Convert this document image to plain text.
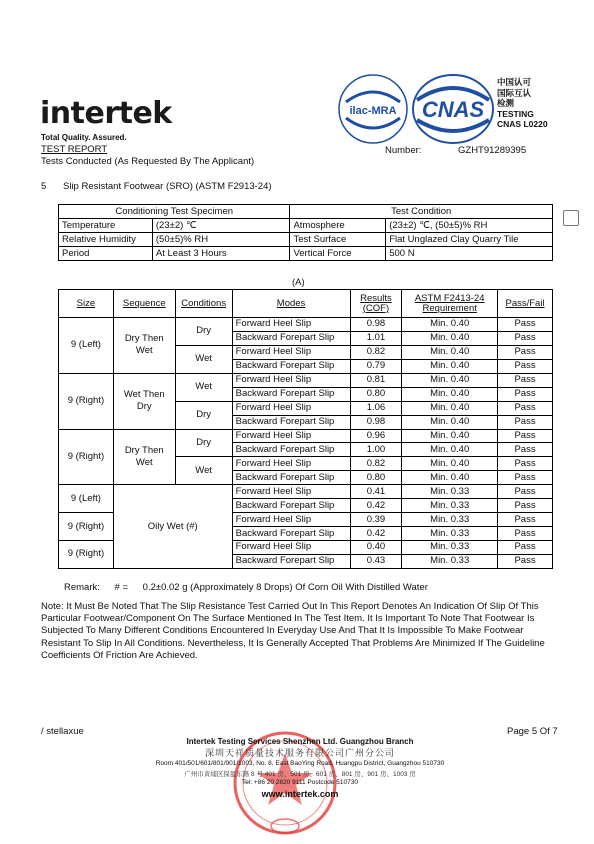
intertek
Total Quality. Assured.
TEST REPORT
Tests Conducted (As Requested By The Applicant)
Number:	GZHT91289395
ilac-MRA CNAS
中国认可
国际互认
检测
TESTING
CNAS L0220
5 Slip Resistant Footwear (SRO) (ASTM F2913-24)
Conditioning Test Specimen		Test Condition	
Temperature	(23±2) ℃	Atmosphere	(23±2) ℃, (50±5)% RH
Relative Humidity	(50±5)% RH	Test Surface	Flat Unglazed Clay Quarry Tile
Period	At Least 3 Hours	Vertical Force	500 N
(A)
Size	Sequence	Conditions	Modes	Results (COF)	ASTM F2413-24 Requirement	Pass/Fail
9 (Left)	Dry Then Wet	Dry	Forward Heel Slip	0.98	Min. 0.40	Pass
			Backward Forepart Slip	1.01	Min. 0.40	Pass
		Wet	Forward Heel Slip	0.82	Min. 0.40	Pass
			Backward Forepart Slip	0.79	Min. 0.40	Pass
9 (Right)	Wet Then Dry	Wet	Forward Heel Slip	0.81	Min. 0.40	Pass
			Backward Forepart Slip	0.80	Min. 0.40	Pass
		Dry	Forward Heel Slip	1.06	Min. 0.40	Pass
			Backward Forepart Slip	0.98	Min. 0.40	Pass
9 (Right)	Dry Then Wet	Dry	Forward Heel Slip	0.96	Min. 0.40	Pass
			Backward Forepart Slip	1.00	Min. 0.40	Pass
		Wet	Forward Heel Slip	0.82	Min. 0.40	Pass
			Backward Forepart Slip	0.80	Min. 0.40	Pass
9 (Left)	Oily Wet (#)		Forward Heel Slip	0.41	Min. 0.33	Pass
			Backward Forepart Slip	0.42	Min. 0.33	Pass
9 (Right)			Forward Heel Slip	0.39	Min. 0.33	Pass
			Backward Forepart Slip	0.42	Min. 0.33	Pass
9 (Right)			Forward Heel Slip	0.40	Min. 0.33	Pass
			Backward Forepart Slip	0.43	Min. 0.33	Pass
Remark: # = 0.2±0.02 g (Approximately 8 Drops) Of Corn Oil With Distilled Water
Note: It Must Be Noted That The Slip Resistance Test Carried Out In This Report Denotes An Indication Of Slip Of This Particular Footwear/Component On The Surface Mentioned In The Test Item. It Is Important To Note That Footwear Is Subjected To Many Different Conditions Encountered In Everyday Use And That It Is Impossible To Make Footwear Resistant To Slip In All Conditions. Nevertheless, It Is Generally Accepted That Problems Are Minimized If The Guideline Coefficients Of Friction Are Achieved.
/ stellaxue	Page 5 Of 7
Intertek Testing Services Shenzhen Ltd. Guangzhou Branch
深圳天祥质量技术服务有限公司广州分公司
Room 401/501/601/801/901/1003, No. 8, East BaoYing Road, Huangpu District, Guangzhou 510730
广州市黄埔区保盈东路 8 号 401 房、501 房、601 房、801 房、901 房、1003 房
Tel: +86 20 2820 9111 Postcode 510730
www.intertek.com
